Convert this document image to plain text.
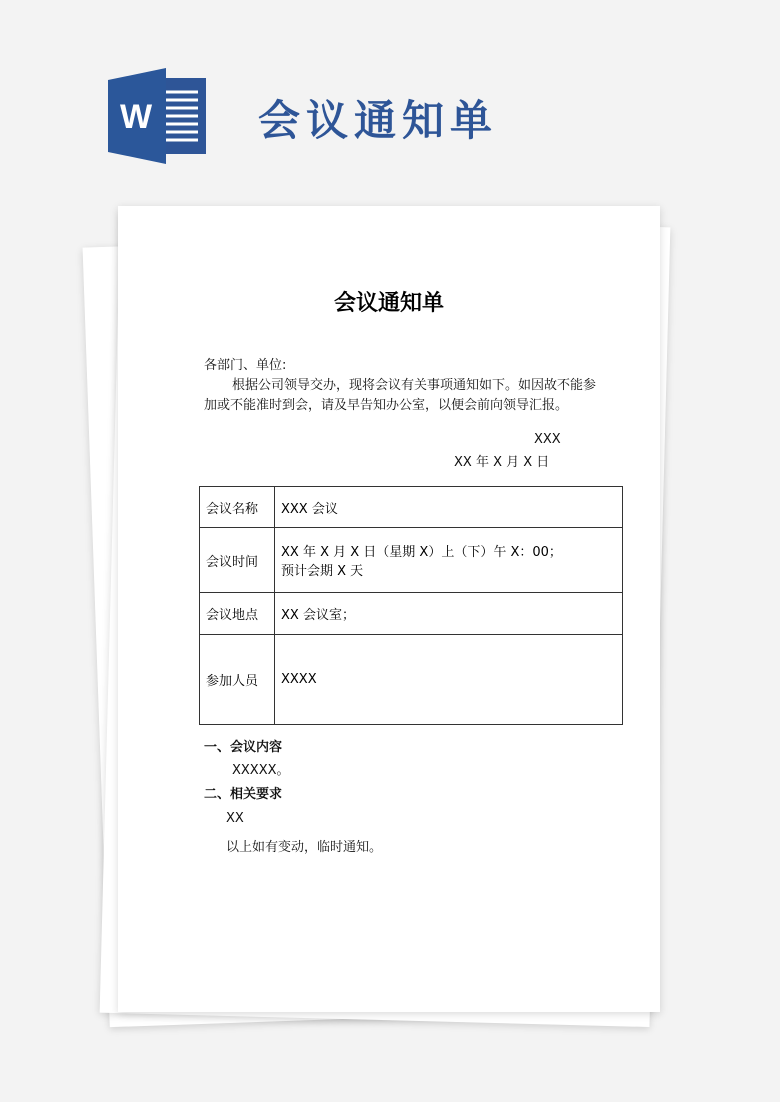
W	会议通知单
会议通知单
各部门、单位:
根据公司领导交办，现将会议有关事项通知如下。如因故不能参
加或不能准时到会，请及早告知办公室，以便会前向领导汇报。
XXX
XX 年 X 月 X 日
会议名称	XXX 会议
会议时间	XX 年 X 月 X 日（星期 X）上（下）午 X：00；
预计会期 X 天

会议地点	XX 会议室；
参加人员	XXXX
一、会议内容
XXXXX。
二、相关要求
XX
以上如有变动，临时通知。
